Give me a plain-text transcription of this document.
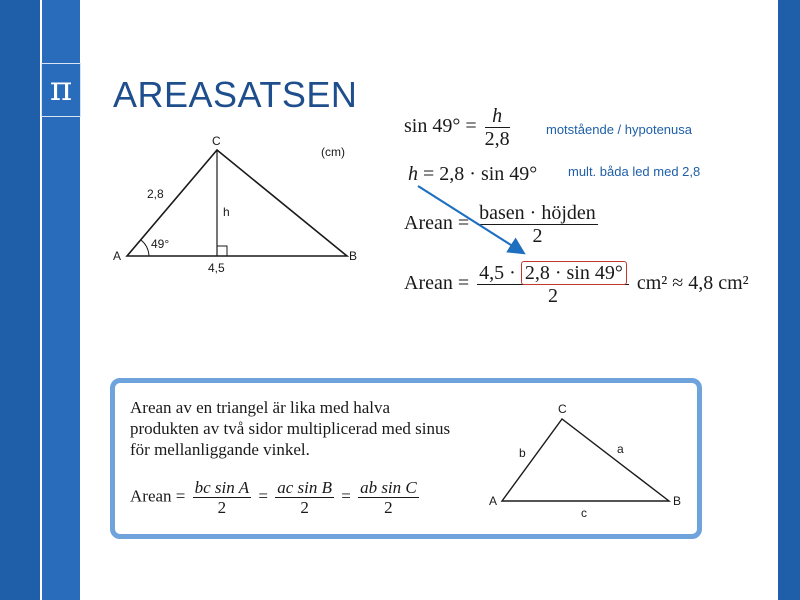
π AREASATSEN
C
A	B
2,8
h
49°
4,5
(cm)
$\sin 49^\circ = \frac{h}{2,8}$	motstående / hypotenusa
h = 2,8 · sin 49° mult. båda led med 2,8
Arean = $\frac{\text{basen · höjden}}{2}$
Arean = $\frac{4,5 \cdot 2,8 \cdot \sin 49^\circ}{2} cm^2 \approx 4,8$ cm²
Arean av en triangel är lika med halva produkten av två sidor multiplicerad med sinus för mellanliggande vinkel.
Arean = $\frac{\text{bc sin A}}{2} = \frac{\text{ac sin B}}{2} = \frac{\text{ab sin C}}{2}$
C
A	B
b	a
c
